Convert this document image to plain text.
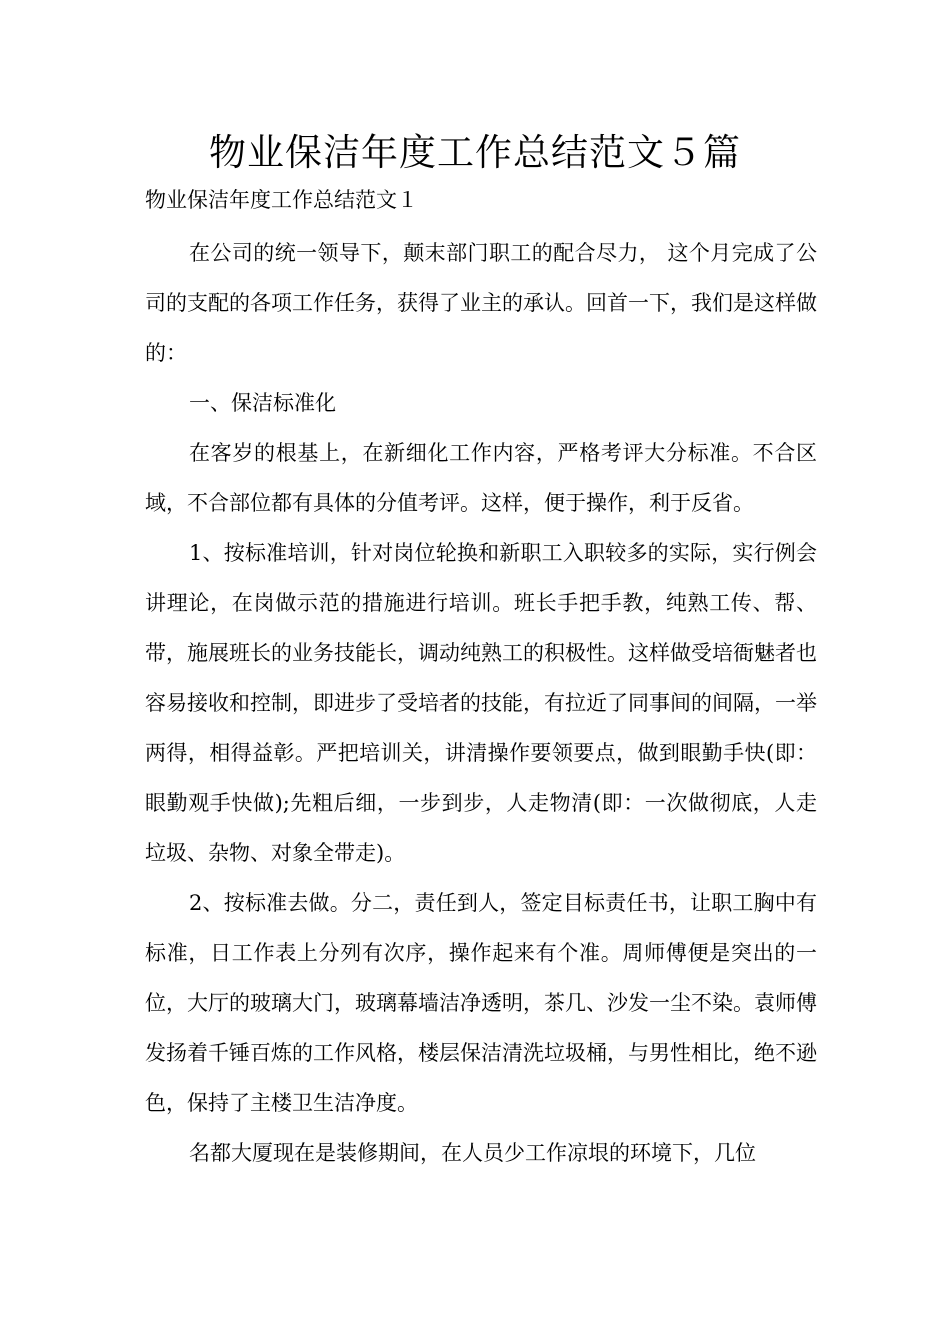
物业保洁年度工作总结范文５篇

物业保洁年度工作总结范文１

在公司的统一领导下，颠末部门职工的配合尽力， 这个月完成了公司的支配的各项工作任务，获得了业主的承认。回首一下，我们是这样做的：

一、保洁标准化

在客岁的根基上，在新细化工作内容，严格考评大分标准。不合区域，不合部位都有具体的分值考评。这样，便于操作，利于反省。

1、按标准培训，针对岗位轮换和新职工入职较多的实际，实行例会讲理论，在岗做示范的措施进行培训。班长手把手教，纯熟工传、帮、带，施展班长的业务技能长，调动纯熟工的积极性。这样做受培衙魅者也容易接收和控制，即进步了受培者的技能，有拉近了同事间的间隔，一举两得，相得益彰。严把培训关，讲清操作要领要点，做到眼勤手快(即：眼勤观手快做);先粗后细，一步到步，人走物清(即：一次做彻底，人走垃圾、杂物、对象全带走)。

2、按标准去做。分二，责任到人，签定目标责任书，让职工胸中有标准，日工作表上分列有次序，操作起来有个准。周师傅便是突出的一位，大厅的玻璃大门，玻璃幕墙洁净透明，茶几、沙发一尘不染。袁师傅发扬着千锤百炼的工作风格，楼层保洁清洗垃圾桶，与男性相比，绝不逊色，保持了主楼卫生洁净度。

名都大厦现在是装修期间，在人员少工作凉垠的环境下，几位
